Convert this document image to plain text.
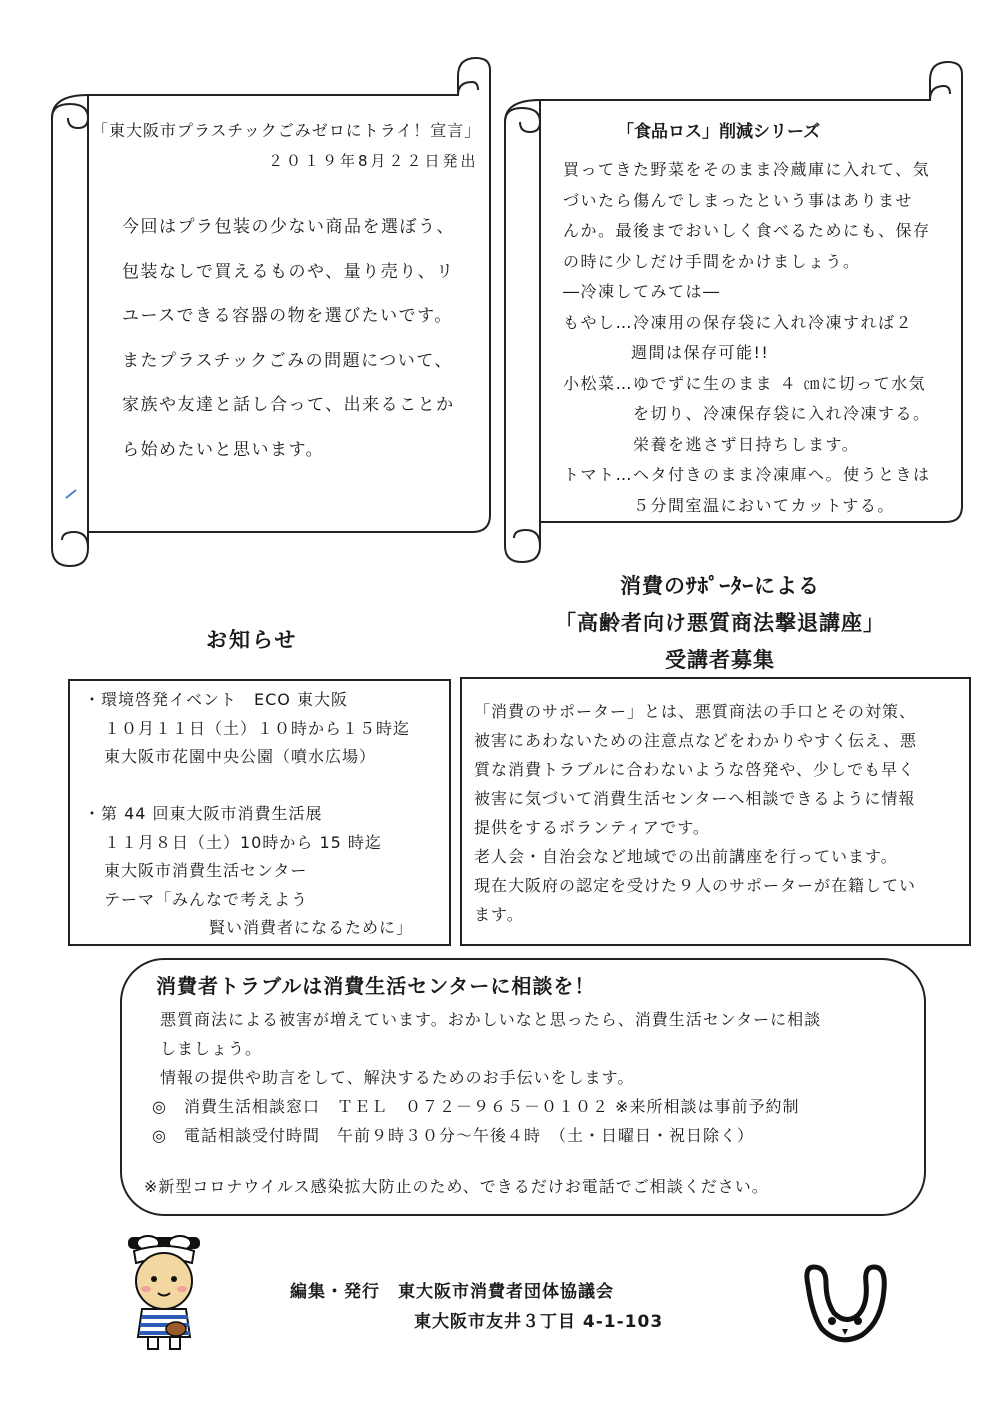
「東大阪市プラスチックごみゼロにトライ！宣言」
２０１９年8月２２日発出
今回はプラ包装の少ない商品を選ぼう、
包装なしで買えるものや、量り売り、リ
ユースできる容器の物を選びたいです。
またプラスチックごみの問題について、
家族や友達と話し合って、出来ることか
ら始めたいと思います。
「食品ロス」削減シリーズ
買ってきた野菜をそのまま冷蔵庫に入れて、気
づいたら傷んでしまったという事はありませ
んか。最後までおいしく食べるためにも、保存
の時に少しだけ手間をかけましょう。
―冷凍してみては―
もやし…冷凍用の保存袋に入れ冷凍すれば２
週間は保存可能!!
小松菜…ゆでずに生のまま ４ ㎝に切って水気
を切り、冷凍保存袋に入れ冷凍する。
栄養を逃さず日持ちします。
トマト…ヘタ付きのまま冷凍庫へ。使うときは
５分間室温においてカットする。
お知らせ
消費のｻﾎﾟｰﾀｰによる
「高齢者向け悪質商法撃退講座」
受講者募集
・環境啓発イベント　ECO 東大阪
１０月１１日（土）１０時から１５時迄
東大阪市花園中央公園（噴水広場）
・第 44 回東大阪市消費生活展
１１月８日（土）10時から 15 時迄
東大阪市消費生活センター
テーマ「みんなで考えよう
賢い消費者になるために」
「消費のサポーター」とは、悪質商法の手口とその対策、
被害にあわないための注意点などをわかりやすく伝え、悪
質な消費トラブルに合わないような啓発や、少しでも早く
被害に気づいて消費生活センターへ相談できるように情報
提供をするボランティアです。
老人会・自治会など地域での出前講座を行っています。
現在大阪府の認定を受けた９人のサポーターが在籍してい
ます。
消費者トラブルは消費生活センターに相談を！
悪質商法による被害が増えています。おかしいなと思ったら、消費生活センターに相談
しましょう。
情報の提供や助言をして、解決するためのお手伝いをします。
◎　消費生活相談窓口　ＴＥＬ　０７２－９６５－０１０２ ※来所相談は事前予約制
◎　電話相談受付時間　午前９時３０分～午後４時　（土・日曜日・祝日除く）
※新型コロナウイルス感染拡大防止のため、できるだけお電話でご相談ください。
編集・発行　東大阪市消費者団体協議会
東大阪市友井３丁目 4-1-103
